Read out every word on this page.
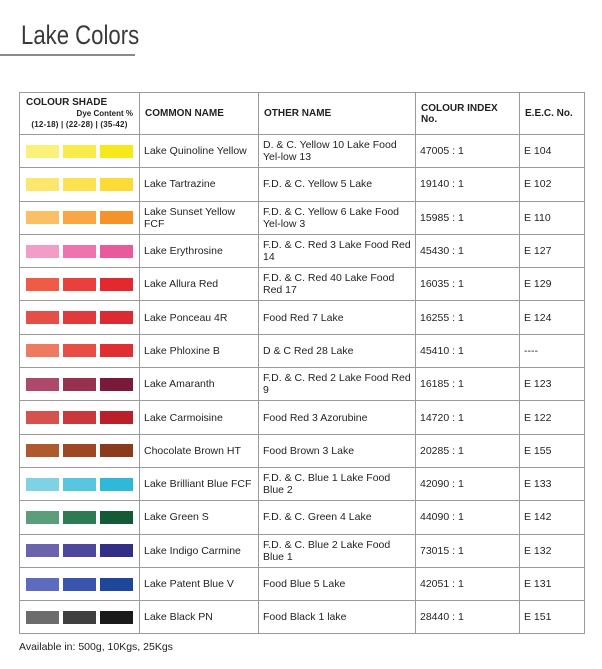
Lake Colors
COLOUR SHADE
Dye Content %
(12-18) | (22-28) | (35-42)	COMMON NAME	OTHER NAME	COLOUR INDEX No.	E.E.C. No.

	Lake Quinoline Yellow	D. & C. Yellow 10 Lake Food Yel-low 13	47005 : 1	E 104

	Lake Tartrazine	F.D. & C. Yellow 5 Lake	19140 : 1	E 102

	Lake Sunset Yellow FCF	F.D. & C. Yellow 6 Lake Food Yel-low 3	15985 : 1	E 110

	Lake Erythrosine	F.D. & C. Red 3 Lake Food Red 14	45430 : 1	E 127

	Lake Allura Red	F.D. & C. Red 40 Lake Food Red 17	16035 : 1	E 129

	Lake Ponceau 4R	Food Red 7 Lake	16255 : 1	E 124

	Lake Phloxine B	D & C Red 28 Lake	45410 : 1	----

	Lake Amaranth	F.D. & C. Red 2 Lake Food Red 9	16185 : 1	E 123

	Lake Carmoisine	Food Red 3 Azorubine	14720 : 1	E 122

	Chocolate Brown HT	Food Brown 3 Lake	20285 : 1	E 155

	Lake Brilliant Blue FCF	F.D. & C. Blue 1 Lake Food Blue 2	42090 : 1	E 133

	Lake Green S	F.D. & C. Green 4 Lake	44090 : 1	E 142

	Lake Indigo Carmine	F.D. & C. Blue 2 Lake Food Blue 1	73015 : 1	E 132

	Lake Patent Blue V	Food Blue 5 Lake	42051 : 1	E 131

	Lake Black PN	Food Black 1 lake	28440 : 1	E 151
Available in: 500g, 10Kgs, 25Kgs
